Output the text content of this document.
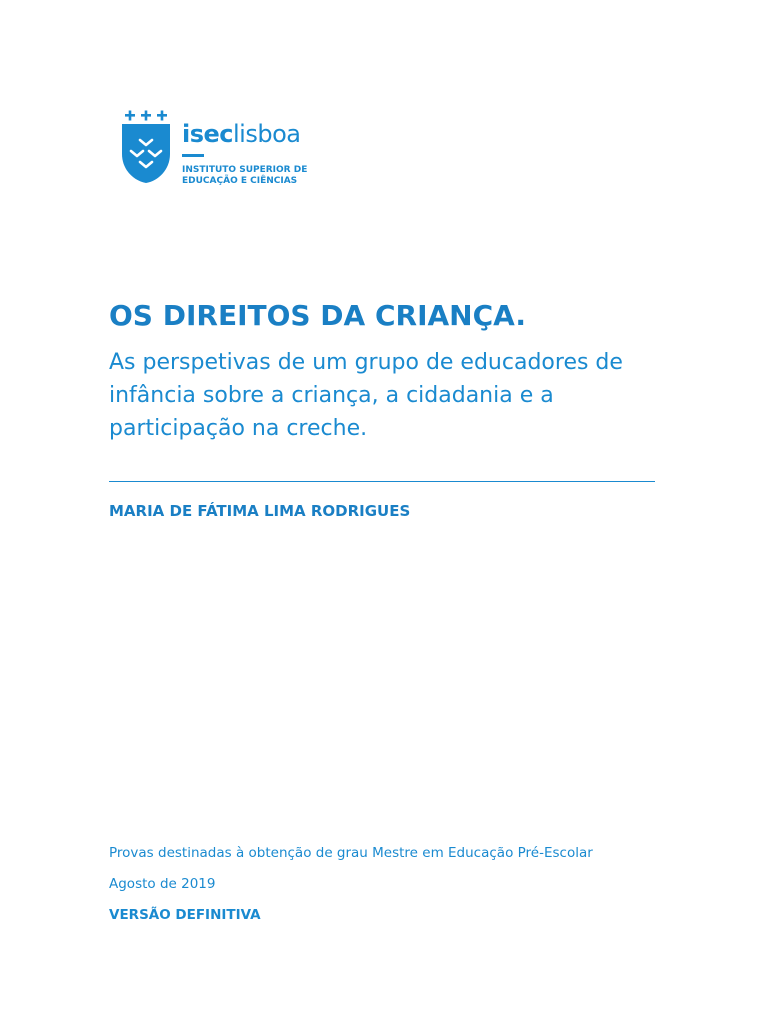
iseclisboa
INSTITUTO SUPERIOR DE
EDUCAÇÃO E CIÊNCIAS
OS DIREITOS DA CRIANÇA.
As perspetivas de um grupo de educadores de
infância sobre a criança, a cidadania e a
participação na creche.
MARIA DE FÁTIMA LIMA RODRIGUES
Provas destinadas à obtenção de grau Mestre em Educação Pré-Escolar
Agosto de 2019
VERSÃO DEFINITIVA
